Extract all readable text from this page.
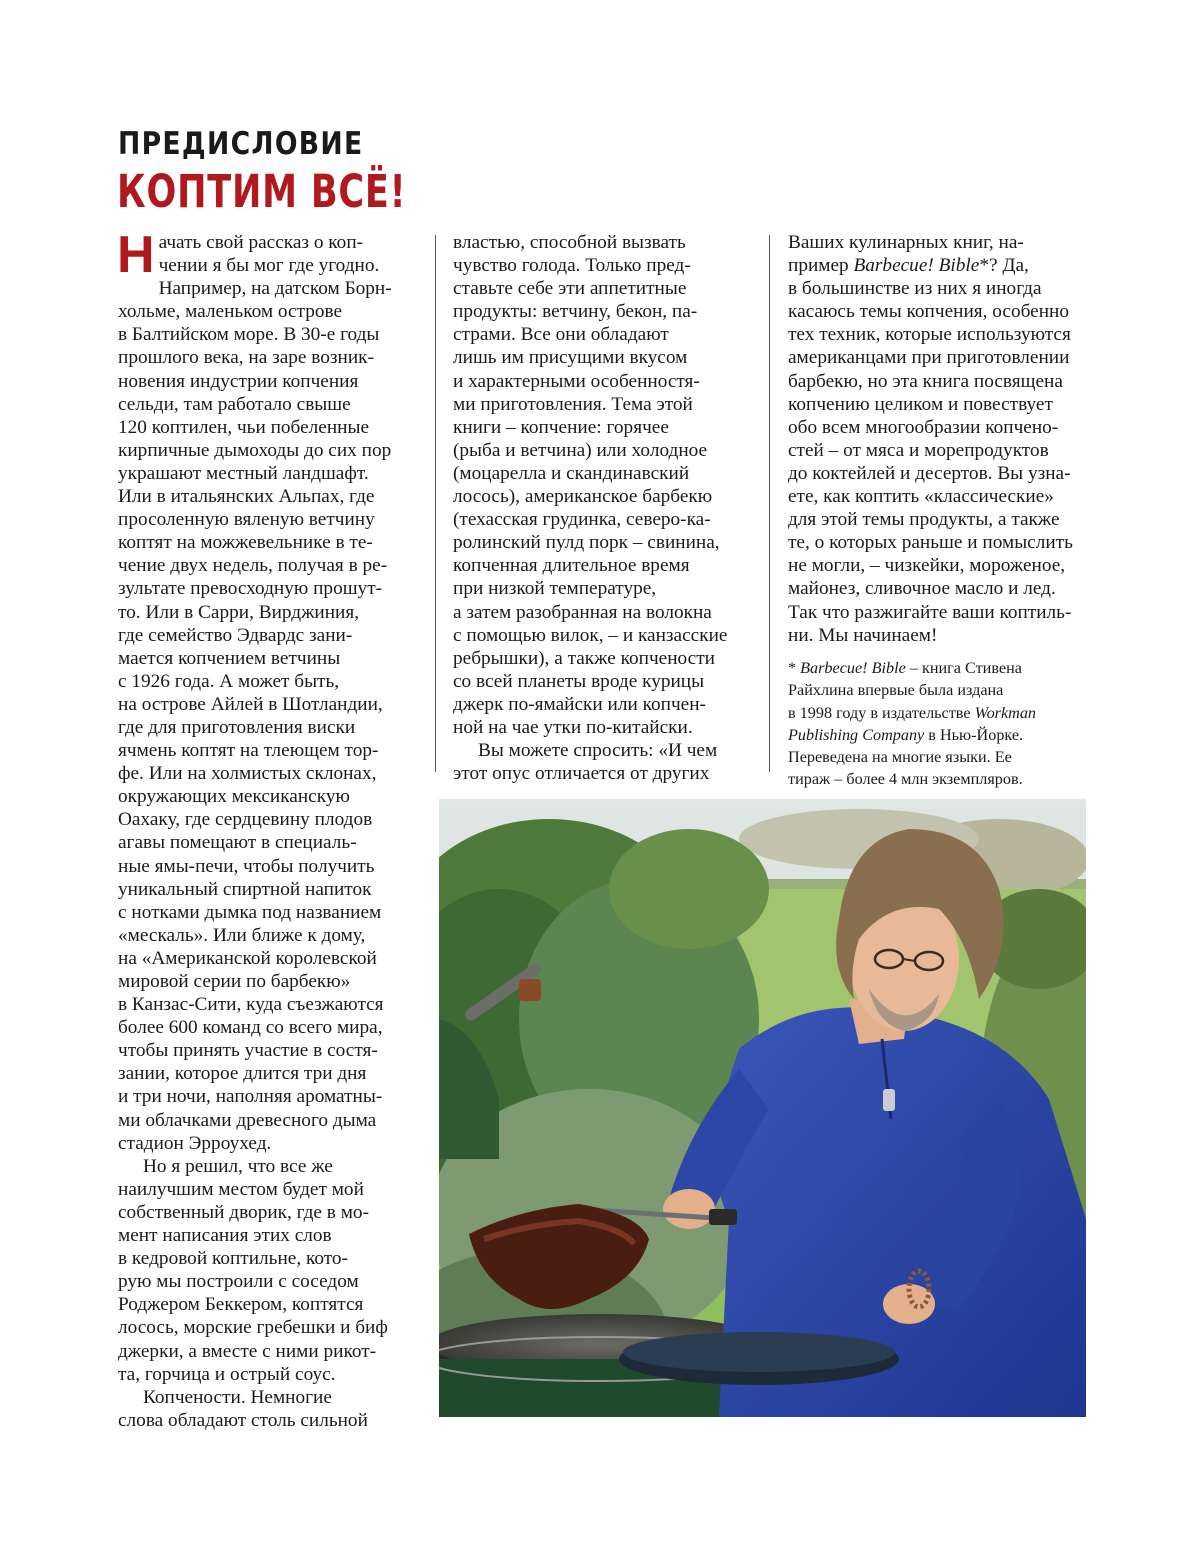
ПРЕДИСЛОВИЕ
КОПТИМ ВСЁ!
Н ачать свой рассказ о коп-
чении я бы мог где угодно.
Например, на датском Борн-
хольме, маленьком острове
в Балтийском море. В 30-е годы
прошлого века, на заре возник-
новения индустрии копчения
сельди, там работало свыше
120 коптилен, чьи побеленные
кирпичные дымоходы до сих пор
украшают местный ландшафт.
Или в итальянских Альпах, где
просоленную вяленую ветчину
коптят на можжевельнике в те-
чение двух недель, получая в ре-
зультате превосходную прошут-
то. Или в Сарри, Вирджиния,
где семейство Эдвардс зани-
мается копчением ветчины
с 1926 года. А может быть,
на острове Айлей в Шотландии,
где для приготовления виски
ячмень коптят на тлеющем тор-
фе. Или на холмистых склонах,
окружающих мексиканскую
Оахаку, где сердцевину плодов
агавы помещают в специаль-
ные ямы-печи, чтобы получить
уникальный спиртной напиток
с нотками дымка под названием
«мескаль». Или ближе к дому,
на «Американской королевской
мировой серии по барбекю»
в Канзас-Сити, куда съезжаются
более 600 команд со всего мира,
чтобы принять участие в состя-
зании, которое длится три дня
и три ночи, наполняя ароматны-
ми облачками древесного дыма
стадион Эрроухед.
Но я решил, что все же
наилучшим местом будет мой
собственный дворик, где в мо-
мент написания этих слов
в кедровой коптильне, кото-
рую мы построили с соседом
Роджером Беккером, коптятся
лосось, морские гребешки и биф
джерки, а вместе с ними рикот-
та, горчица и острый соус.
Копчености. Немногие
слова обладают столь сильной
властью, способной вызвать
чувство голода. Только пред-
ставьте себе эти аппетитные
продукты: ветчину, бекон, па-
страми. Все они обладают
лишь им присущими вкусом
и характерными особенностя-
ми приготовления. Тема этой
книги – копчение: горячее
(рыба и ветчина) или холодное
(моцарелла и скандинавский
лосось), американское барбекю
(техасская грудинка, северо-ка-
ролинский пулд порк – свинина,
копченная длительное время
при низкой температуре,
а затем разобранная на волокна
с помощью вилок, – и канзасские
ребрышки), а также копчености
со всей планеты вроде курицы
джерк по-ямайски или копчен-
ной на чае утки по-китайски.
Вы можете спросить: «И чем
этот опус отличается от других
Ваших кулинарных книг, на-
пример Barbecue! Bible*? Да,
в большинстве из них я иногда
касаюсь темы копчения, особенно
тех техник, которые используются
американцами при приготовлении
барбекю, но эта книга посвящена
копчению целиком и повествует
обо всем многообразии копчено-
стей – от мяса и морепродуктов
до коктейлей и десертов. Вы узна-
ете, как коптить «классические»
для этой темы продукты, а также
те, о которых раньше и помыслить
не могли, – чизкейки, мороженое,
майонез, сливочное масло и лед.
Так что разжигайте ваши коптиль-
ни. Мы начинаем!
* Barbecue! Bible – книга Стивена
Райхлина впервые была издана
в 1998 году в издательстве Workman
Publishing Company в Нью-Йорке.
Переведена на многие языки. Ее
тираж – более 4 млн экземпляров.
